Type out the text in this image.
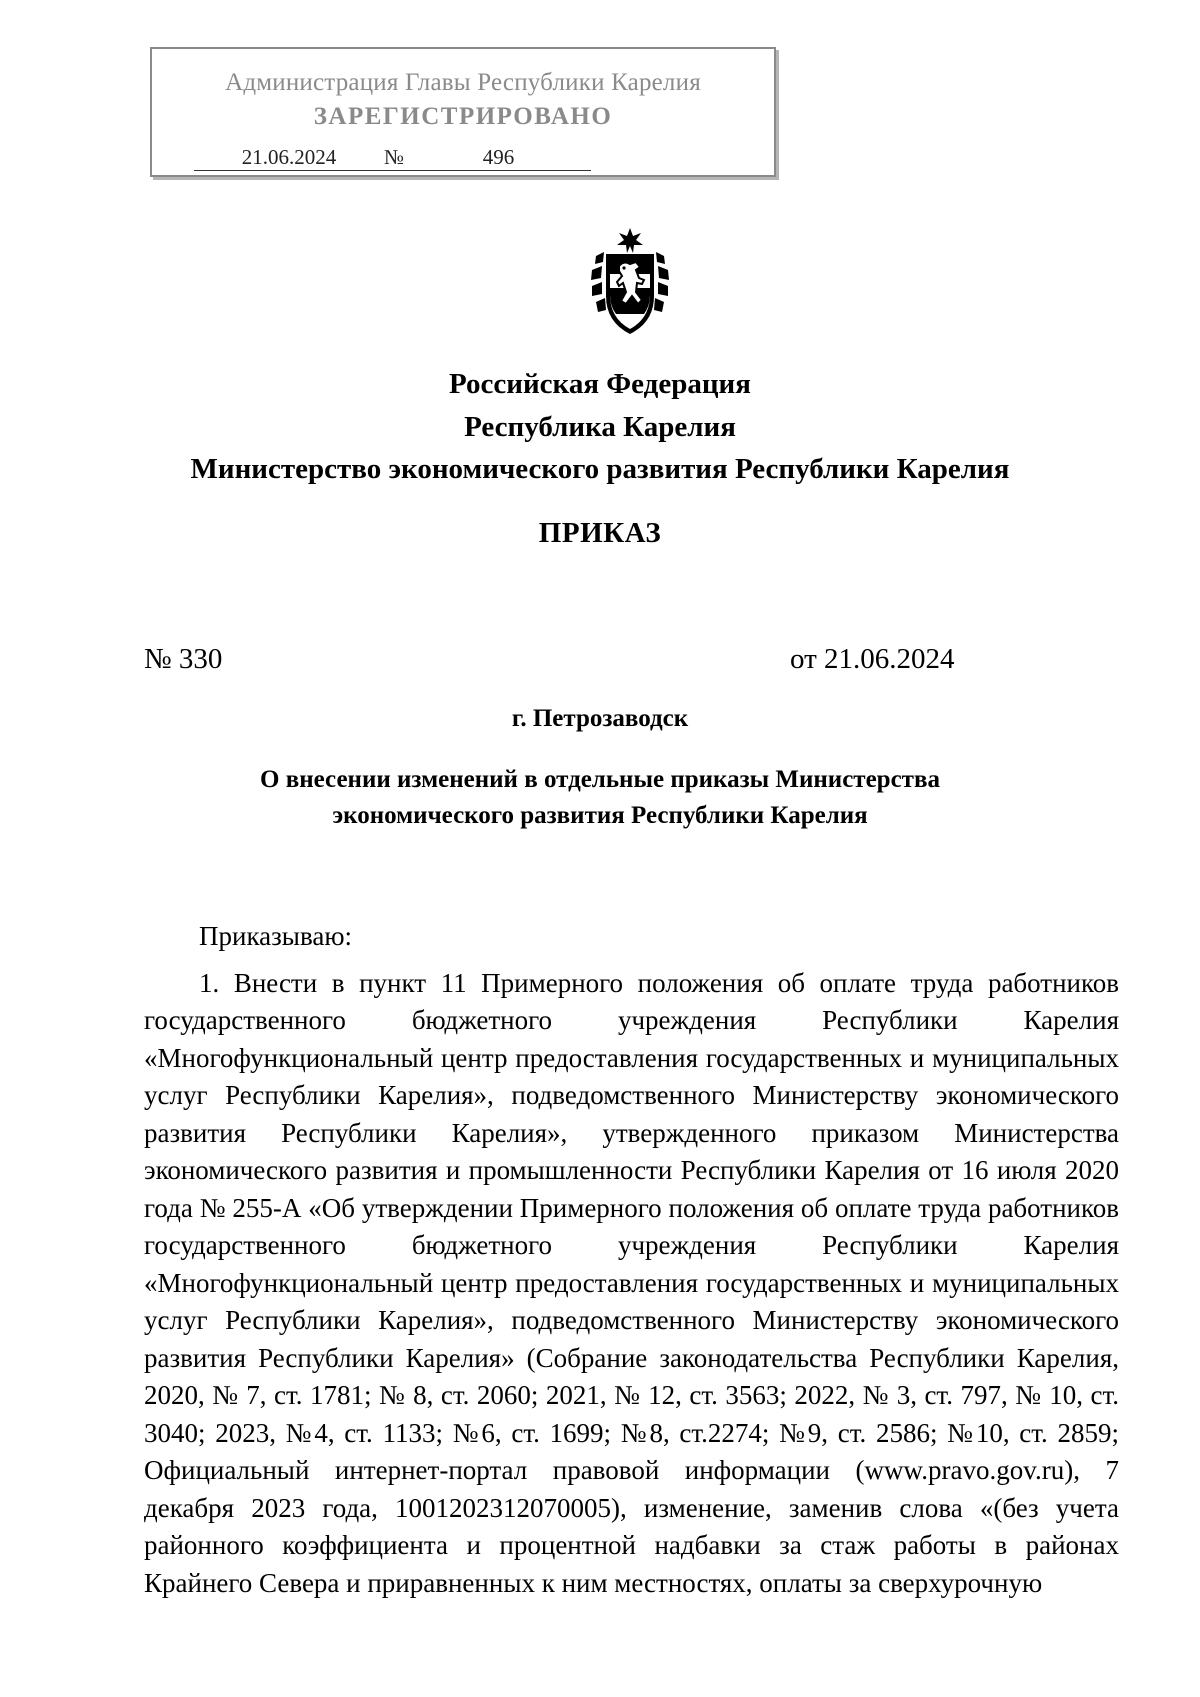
Администрация Главы Республики Карелия
ЗАРЕГИСТРИРОВАНО
21.06.2024 №	496
Российская Федерация
Республика Карелия
Министерство экономического развития Республики Карелия
ПРИКАЗ
№ 330	от 21.06.2024
г. Петрозаводск
О внесении изменений в отдельные приказы Министерства
экономического развития Республики Карелия

Приказываю:

1. Внести в пункт 11 Примерного положения об оплате труда работников государственного бюджетного учреждения Республики Карелия «Многофункциональный центр предоставления государственных и муниципальных услуг Республики Карелия», подведомственного Министерству экономического развития Республики Карелия», утвержденного приказом Министерства экономического развития и промышленности Республики Карелия от 16 июля 2020 года № 255-А «Об утверждении Примерного положения об оплате труда работников государственного бюджетного учреждения Республики Карелия «Многофункциональный центр предоставления государственных и муниципальных услуг Республики Карелия», подведомственного Министерству экономического развития Республики Карелия» (Собрание законодательства Республики Карелия, 2020, № 7, ст. 1781; № 8, ст. 2060; 2021, № 12, ст. 3563; 2022, № 3, ст. 797, № 10, ст. 3040; 2023, №4, ст. 1133; №6, ст. 1699; №8, ст.2274; №9, ст. 2586; №10, ст. 2859; Официальный интернет-портал правовой информации (www.pravo.gov.ru), 7 декабря 2023 года, 1001202312070005), изменение, заменив слова «(без учета районного коэффициента и процентной надбавки за стаж работы в районах Крайнего Севера и приравненных к ним местностях, оплаты за сверхурочную
